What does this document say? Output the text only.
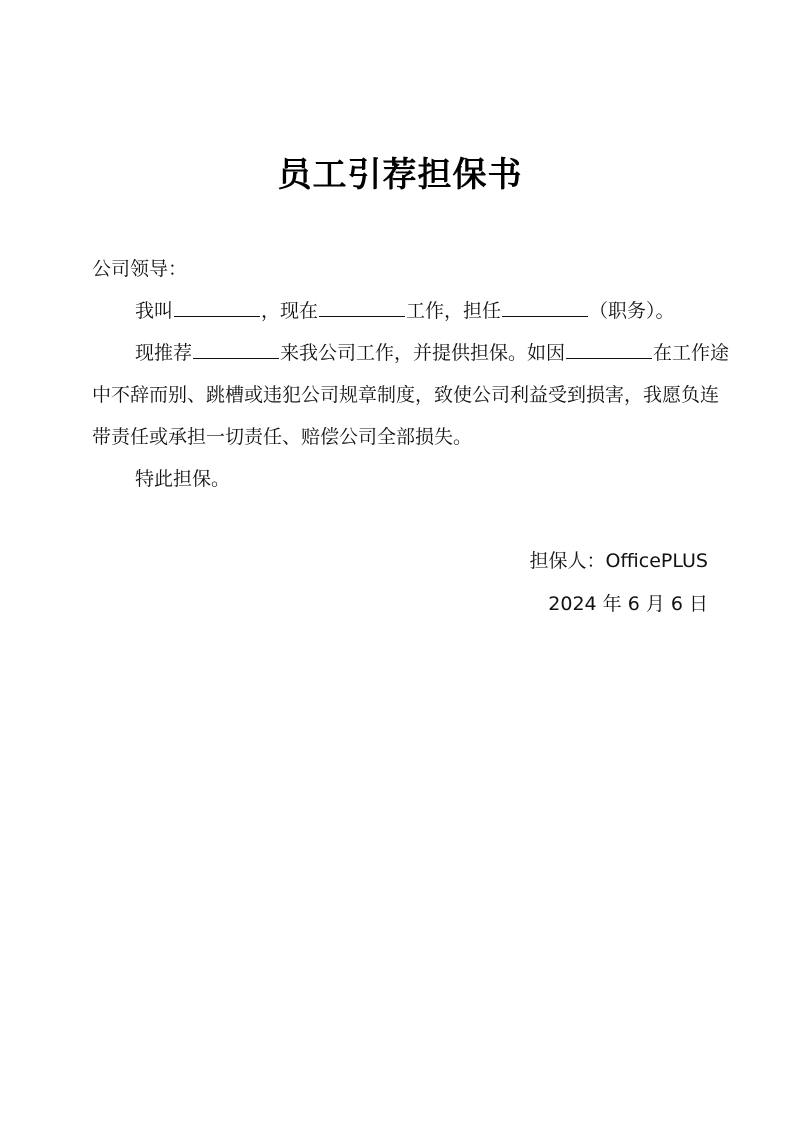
员工引荐担保书
公司领导：
我叫	，现在	工作，担任	（职务）。
现推荐	来我公司工作，并提供担保。如因	在工作途
中不辞而别、跳槽或违犯公司规章制度，致使公司利益受到损害，我愿负连
带责任或承担一切责任、赔偿公司全部损失。
特此担保。
担保人：OfficePLUS
2024 年 6 月 6 日
